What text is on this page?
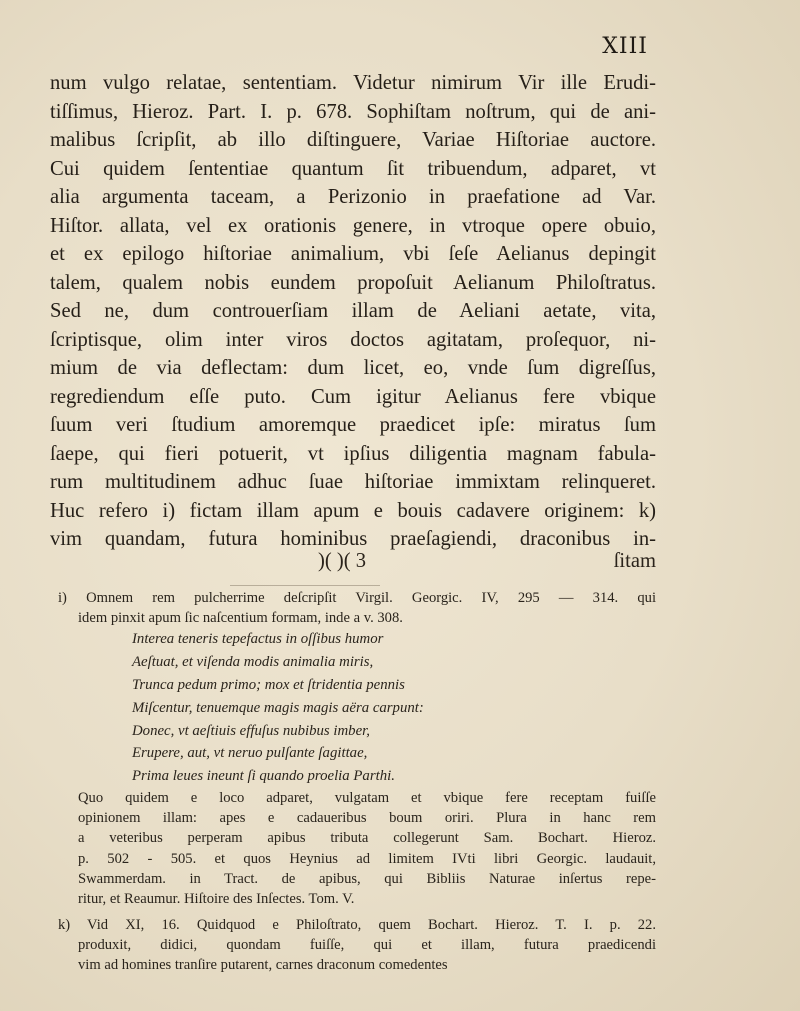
XIII
num vulgo relatae, sententiam. Videtur nimirum Vir ille Erudi-
tiſſimus, Hieroz. Part. I. p. 678. Sophiſtam noſtrum, qui de ani-
malibus ſcripſit, ab illo diſtinguere, Variae Hiſtoriae auctore.
Cui quidem ſententiae quantum ſit tribuendum, adparet, vt
alia argumenta taceam, a Perizonio in praefatione ad Var.
Hiſtor. allata, vel ex orationis genere, in vtroque opere obuio,
et ex epilogo hiſtoriae animalium, vbi ſeſe Aelianus depingit
talem, qualem nobis eundem propoſuit Aelianum Philoſtratus.
Sed ne, dum controuerſiam illam de Aeliani aetate, vita,
ſcriptisque, olim inter viros doctos agitatam, proſequor, ni-
mium de via deflectam: dum licet, eo, vnde ſum digreſſus,
regrediendum eſſe puto. Cum igitur Aelianus fere vbique
ſuum veri ſtudium amoremque praedicet ipſe: miratus ſum
ſaepe, qui fieri potuerit, vt ipſius diligentia magnam fabula-
rum multitudinem adhuc ſuae hiſtoriae immixtam relinqueret.
Huc refero i) fictam illam apum e bouis cadavere originem: k)
vim quandam, futura hominibus praeſagiendi, draconibus in-
)( )( 3	ſitam
i) Omnem rem pulcherrime deſcripſit Virgil. Georgic. IV, 295 — 314. qui
idem pinxit apum ſic naſcentium formam, inde a v. 308.
Interea teneris tepefactus in oſſibus humor
Aeſtuat, et viſenda modis animalia miris,
Trunca pedum primo; mox et ſtridentia pennis
Miſcentur, tenuemque magis magis aëra carpunt:
Donec, vt aeſtiuis effuſus nubibus imber,
Erupere, aut, vt neruo pulſante ſagittae,
Prima leues ineunt ſi quando proelia Parthi.
Quo quidem e loco adparet, vulgatam et vbique fere receptam fuiſſe
opinionem illam: apes e cadaueribus boum oriri. Plura in hanc rem
a veteribus perperam apibus tributa collegerunt Sam. Bochart. Hieroz.
p. 502 - 505. et quos Heynius ad limitem IVti libri Georgic. laudauit,
Swammerdam. in Tract. de apibus, qui Bibliis Naturae inſertus repe-
ritur, et Reaumur. Hiſtoire des Inſectes. Tom. V.
k) Vid XI, 16. Quidquod e Philoſtrato, quem Bochart. Hieroz. T. I. p. 22.
produxit, didici, quondam fuiſſe, qui et illam, futura praedicendi
vim ad homines tranſire putarent, carnes draconum comedentes
